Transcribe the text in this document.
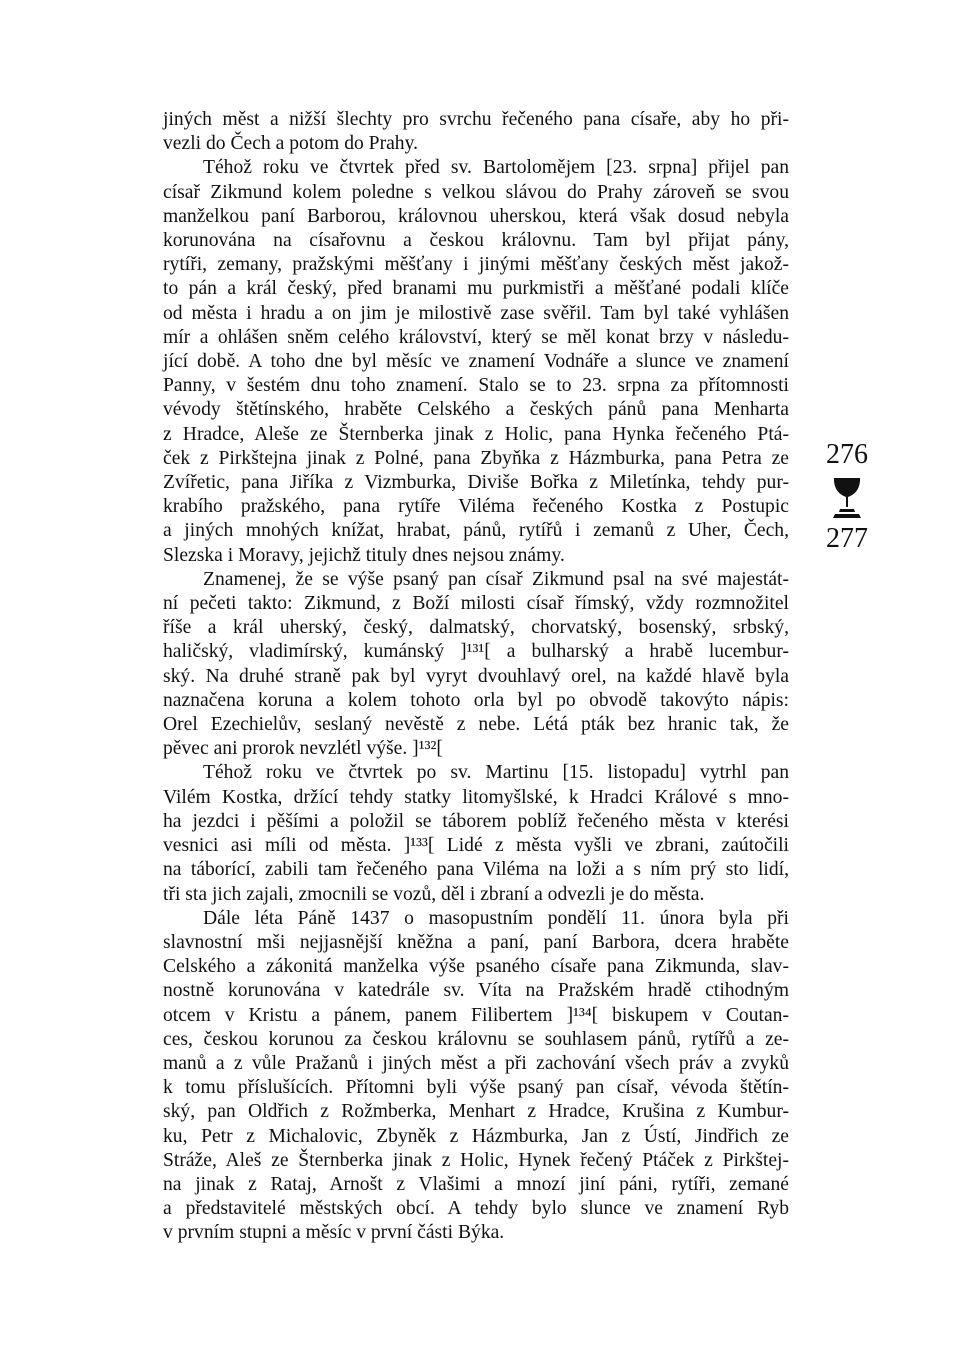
jiných měst a nižší šlechty pro svrchu řečeného pana císaře, aby ho při-
vezli do Čech a potom do Prahy.
Téhož roku ve čtvrtek před sv. Bartolomějem [23. srpna] přijel pan
císař Zikmund kolem poledne s velkou slávou do Prahy zároveň se svou
manželkou paní Barborou, královnou uherskou, která však dosud nebyla
korunována na císařovnu a českou královnu. Tam byl přijat pány,
rytíři, zemany, pražskými měšťany i jinými měšťany českých měst jakož-
to pán a král český, před branami mu purkmistři a měšťané podali klíče
od města i hradu a on jim je milostivě zase svěřil. Tam byl také vyhlášen
mír a ohlášen sněm celého království, který se měl konat brzy v následu-
jící době. A toho dne byl měsíc ve znamení Vodnáře a slunce ve znamení
Panny, v šestém dnu toho znamení. Stalo se to 23. srpna za přítomnosti
vévody štětínského, hraběte Celského a českých pánů pana Menharta
z Hradce, Aleše ze Šternberka jinak z Holic, pana Hynka řečeného Ptá-
ček z Pirkštejna jinak z Polné, pana Zbyňka z Házmburka, pana Petra ze
Zvířetic, pana Jiříka z Vizmburka, Diviše Bořka z Miletínka, tehdy pur-
krabího pražského, pana rytíře Viléma řečeného Kostka z Postupic
a jiných mnohých knížat, hrabat, pánů, rytířů i zemanů z Uher, Čech,
Slezska i Moravy, jejichž tituly dnes nejsou známy.
Znamenej, že se výše psaný pan císař Zikmund psal na své majestát-
ní pečeti takto: Zikmund, z Boží milosti císař římský, vždy rozmnožitel
říše a král uherský, český, dalmatský, chorvatský, bosenský, srbský,
haličský, vladimírský, kumánský ]¹³¹[ a bulharský a hrabě lucembur-
ský. Na druhé straně pak byl vyryt dvouhlavý orel, na každé hlavě byla
naznačena koruna a kolem tohoto orla byl po obvodě takovýto nápis:
Orel Ezechielův, seslaný nevěstě z nebe. Létá pták bez hranic tak, že
pěvec ani prorok nevzlétl výše. ]¹³²[
Téhož roku ve čtvrtek po sv. Martinu [15. listopadu] vytrhl pan
Vilém Kostka, držící tehdy statky litomyšlské, k Hradci Králové s mno-
ha jezdci i pěšími a položil se táborem poblíž řečeného města v kterési
vesnici asi míli od města. ]¹³³[ Lidé z města vyšli ve zbrani, zaútočili
na táborící, zabili tam řečeného pana Viléma na loži a s ním prý sto lidí,
tři sta jich zajali, zmocnili se vozů, děl i zbraní a odvezli je do města.
Dále léta Páně 1437 o masopustním pondělí 11. února byla při
slavnostní mši nejjasnější kněžna a paní, paní Barbora, dcera hraběte
Celského a zákonitá manželka výše psaného císaře pana Zikmunda, slav-
nostně korunována v katedrále sv. Víta na Pražském hradě ctihodným
otcem v Kristu a pánem, panem Filibertem ]¹³⁴[ biskupem v Coutan-
ces, českou korunou za českou královnu se souhlasem pánů, rytířů a ze-
manů a z vůle Pražanů i jiných měst a při zachování všech práv a zvyků
k tomu příslušících. Přítomni byli výše psaný pan císař, vévoda štětín-
ský, pan Oldřich z Rožmberka, Menhart z Hradce, Krušina z Kumbur-
ku, Petr z Michalovic, Zbyněk z Házmburka, Jan z Ústí, Jindřich ze
Stráže, Aleš ze Šternberka jinak z Holic, Hynek řečený Ptáček z Pirkštej-
na jinak z Rataj, Arnošt z Vlašimi a mnozí jiní páni, rytíři, zemané
a představitelé městských obcí. A tehdy bylo slunce ve znamení Ryb
v prvním stupni a měsíc v první části Býka.
276
277
